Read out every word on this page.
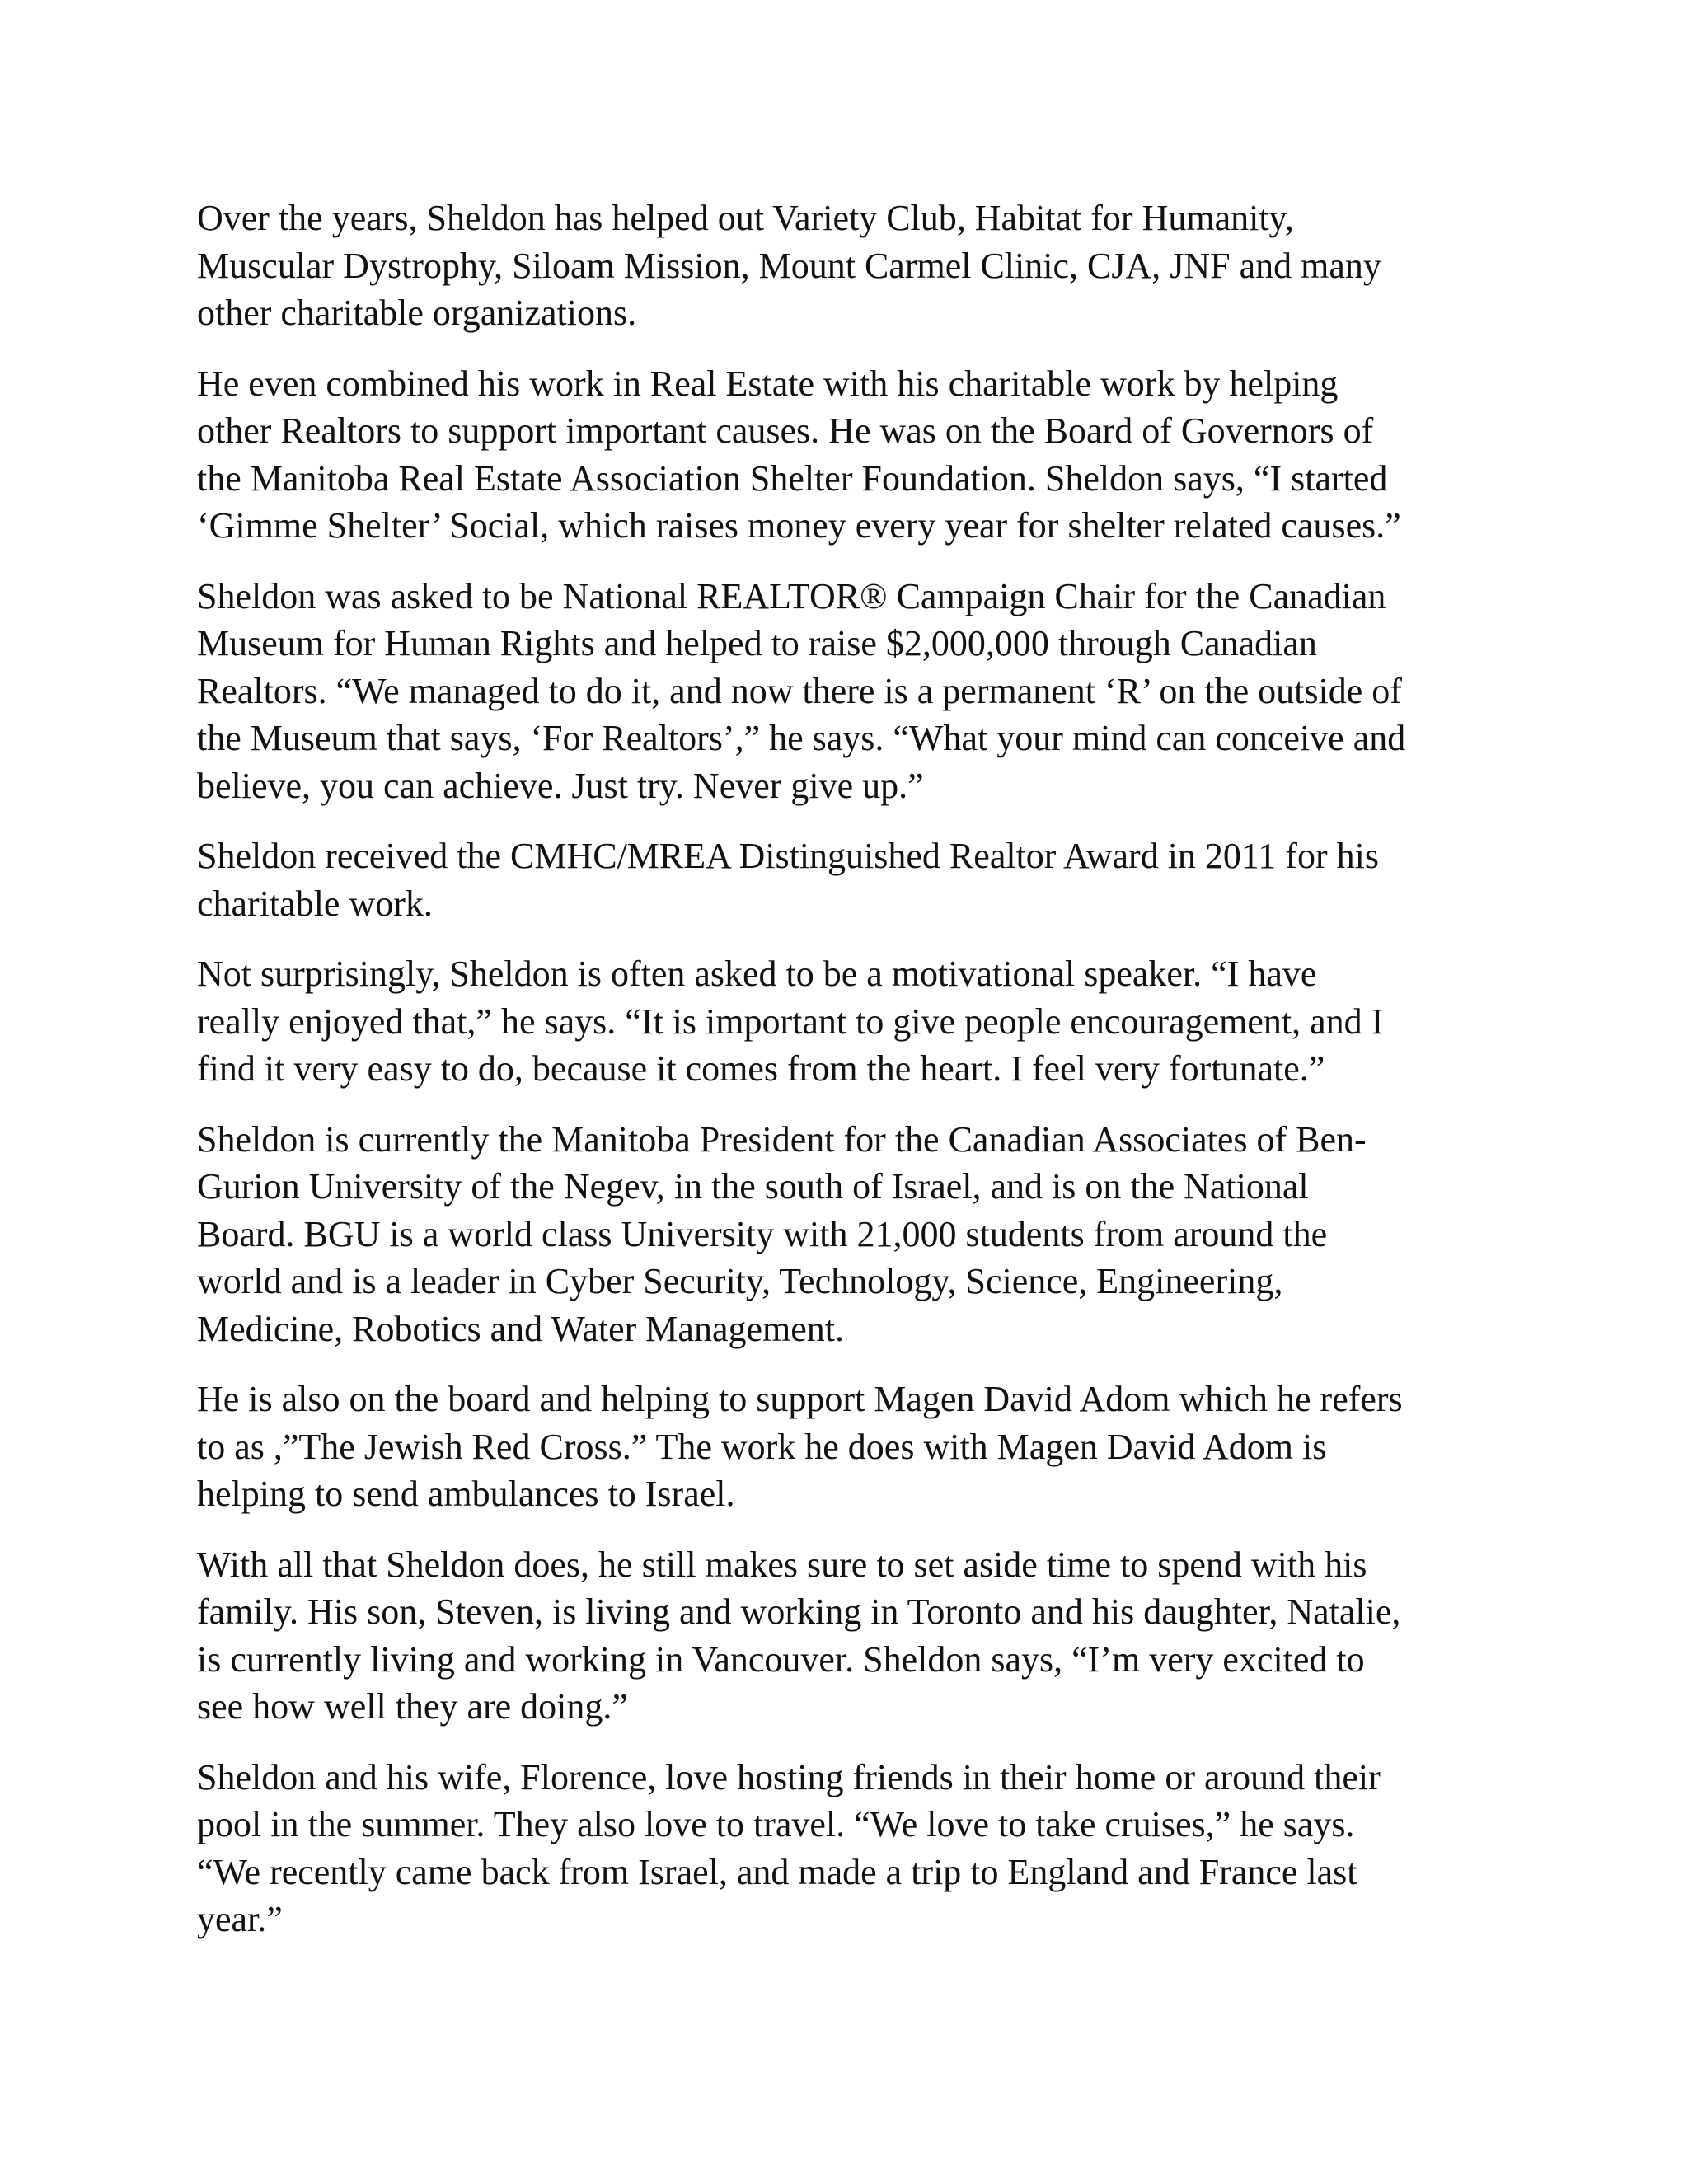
Over the years, Sheldon has helped out Variety Club, Habitat for Humanity,
Muscular Dystrophy, Siloam Mission, Mount Carmel Clinic, CJA, JNF and many
other charitable organizations.
He even combined his work in Real Estate with his charitable work by helping
other Realtors to support important causes. He was on the Board of Governors of
the Manitoba Real Estate Association Shelter Foundation. Sheldon says, “I started
‘Gimme Shelter’ Social, which raises money every year for shelter related causes.”
Sheldon was asked to be National REALTOR® Campaign Chair for the Canadian
Museum for Human Rights and helped to raise $2,000,000 through Canadian
Realtors. “We managed to do it, and now there is a permanent ‘R’ on the outside of
the Museum that says, ‘For Realtors’,” he says. “What your mind can conceive and
believe, you can achieve. Just try. Never give up.”
Sheldon received the CMHC/MREA Distinguished Realtor Award in 2011 for his
charitable work.
Not surprisingly, Sheldon is often asked to be a motivational speaker. “I have
really enjoyed that,” he says. “It is important to give people encouragement, and I
find it very easy to do, because it comes from the heart. I feel very fortunate.”
Sheldon is currently the Manitoba President for the Canadian Associates of Ben-
Gurion University of the Negev, in the south of Israel, and is on the National
Board. BGU is a world class University with 21,000 students from around the
world and is a leader in Cyber Security, Technology, Science, Engineering,
Medicine, Robotics and Water Management.
He is also on the board and helping to support Magen David Adom which he refers
to as ,”The Jewish Red Cross.” The work he does with Magen David Adom is
helping to send ambulances to Israel.
With all that Sheldon does, he still makes sure to set aside time to spend with his
family. His son, Steven, is living and working in Toronto and his daughter, Natalie,
is currently living and working in Vancouver. Sheldon says, “I’m very excited to
see how well they are doing.”
Sheldon and his wife, Florence, love hosting friends in their home or around their
pool in the summer. They also love to travel. “We love to take cruises,” he says.
“We recently came back from Israel, and made a trip to England and France last
year.”
